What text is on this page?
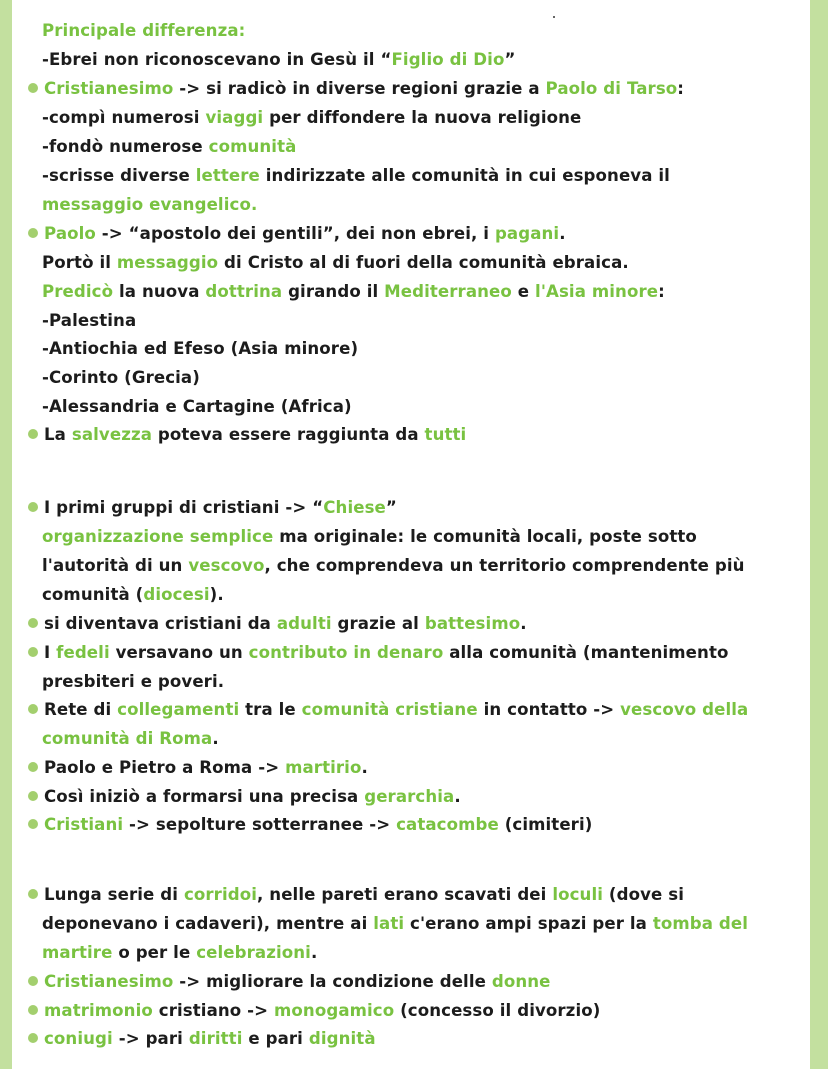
Principale differenza:
-Ebrei non riconoscevano in Gesù il “Figlio di Dio”
Cristianesimo -> si radicò in diverse regioni grazie a Paolo di Tarso:
-compì numerosi viaggi per diffondere la nuova religione
-fondò numerose comunità
-scrisse diverse lettere indirizzate alle comunità in cui esponeva il
messaggio evangelico.
Paolo -> “apostolo dei gentili”, dei non ebrei, i pagani.
Portò il messaggio di Cristo al di fuori della comunità ebraica.
Predicò la nuova dottrina girando il Mediterraneo e l'Asia minore:
-Palestina
-Antiochia ed Efeso (Asia minore)
-Corinto (Grecia)
-Alessandria e Cartagine (Africa)
La salvezza poteva essere raggiunta da tutti
I primi gruppi di cristiani -> “Chiese”
organizzazione semplice ma originale: le comunità locali, poste sotto
l'autorità di un vescovo, che comprendeva un territorio comprendente più
comunità (diocesi).
si diventava cristiani da adulti grazie al battesimo.
I fedeli versavano un contributo in denaro alla comunità (mantenimento
presbiteri e poveri.
Rete di collegamenti tra le comunità cristiane in contatto -> vescovo della
comunità di Roma.
Paolo e Pietro a Roma -> martirio.
Così iniziò a formarsi una precisa gerarchia.
Cristiani -> sepolture sotterranee -> catacombe (cimiteri)
Lunga serie di corridoi, nelle pareti erano scavati dei loculi (dove si
deponevano i cadaveri), mentre ai lati c'erano ampi spazi per la tomba del
martire o per le celebrazioni.
Cristianesimo -> migliorare la condizione delle donne
matrimonio cristiano -> monogamico (concesso il divorzio)
coniugi -> pari diritti e pari dignità
